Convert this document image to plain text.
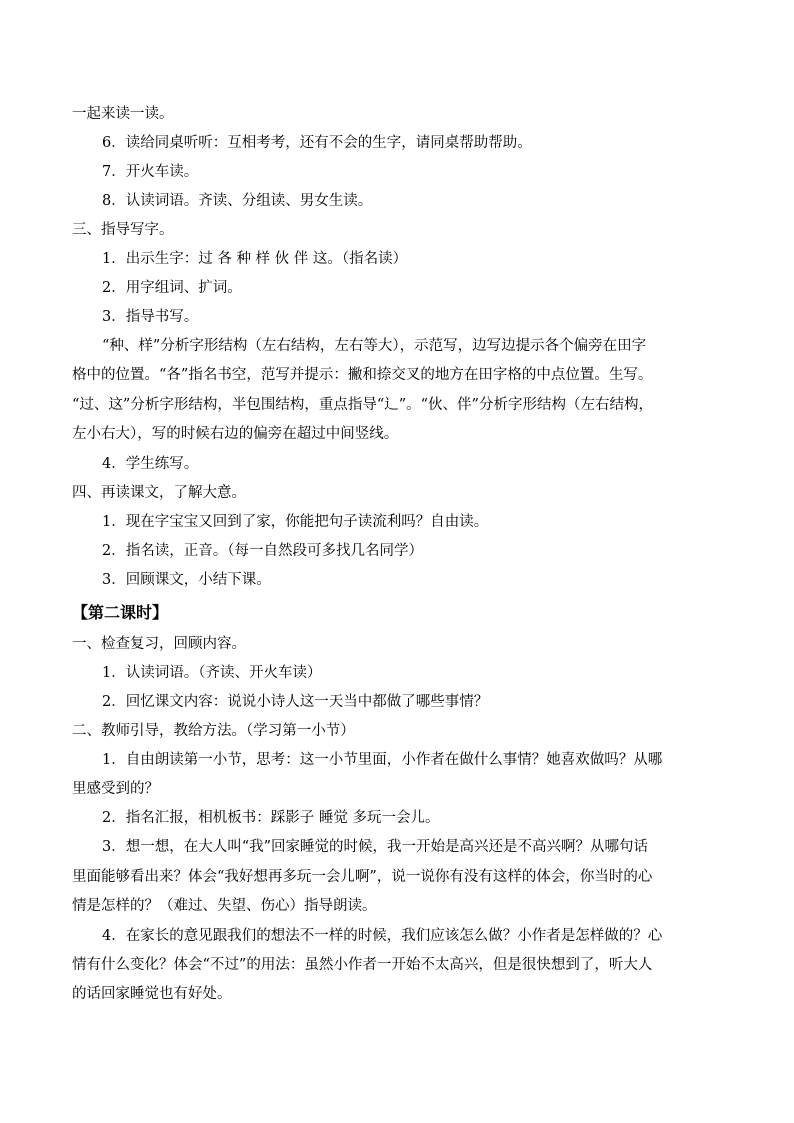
一起来读一读。
6．读给同桌听听：互相考考，还有不会的生字，请同桌帮助帮助。
7．开火车读。
8．认读词语。齐读、分组读、男女生读。
三、指导写字。
1．出示生字：过 各 种 样 伙 伴 这。（指名读）
2．用字组词、扩词。
3．指导书写。
“种、样”分析字形结构（左右结构，左右等大），示范写，边写边提示各个偏旁在田字
格中的位置。“各”指名书空，范写并提示：撇和捺交叉的地方在田字格的中点位置。生写。
“过、这”分析字形结构，半包围结构，重点指导“辶”。“伙、伴”分析字形结构（左右结构，
左小右大），写的时候右边的偏旁在超过中间竖线。
4．学生练写。
四、再读课文，了解大意。
1．现在字宝宝又回到了家，你能把句子读流利吗？自由读。
2．指名读，正音。（每一自然段可多找几名同学）
3．回顾课文，小结下课。
【第二课时】
一、检查复习，回顾内容。
1．认读词语。（齐读、开火车读）
2．回忆课文内容：说说小诗人这一天当中都做了哪些事情？
二、教师引导，教给方法。（学习第一小节）
1．自由朗读第一小节，思考：这一小节里面，小作者在做什么事情？她喜欢做吗？从哪
里感受到的？
2．指名汇报，相机板书：踩影子 睡觉 多玩一会儿。
3．想一想，在大人叫“我”回家睡觉的时候，我一开始是高兴还是不高兴啊？从哪句话
里面能够看出来？体会“我好想再多玩一会儿啊”，说一说你有没有这样的体会，你当时的心
情是怎样的？（难过、失望、伤心）指导朗读。
4．在家长的意见跟我们的想法不一样的时候，我们应该怎么做？小作者是怎样做的？心
情有什么变化？体会“不过”的用法：虽然小作者一开始不太高兴，但是很快想到了，听大人
的话回家睡觉也有好处。
